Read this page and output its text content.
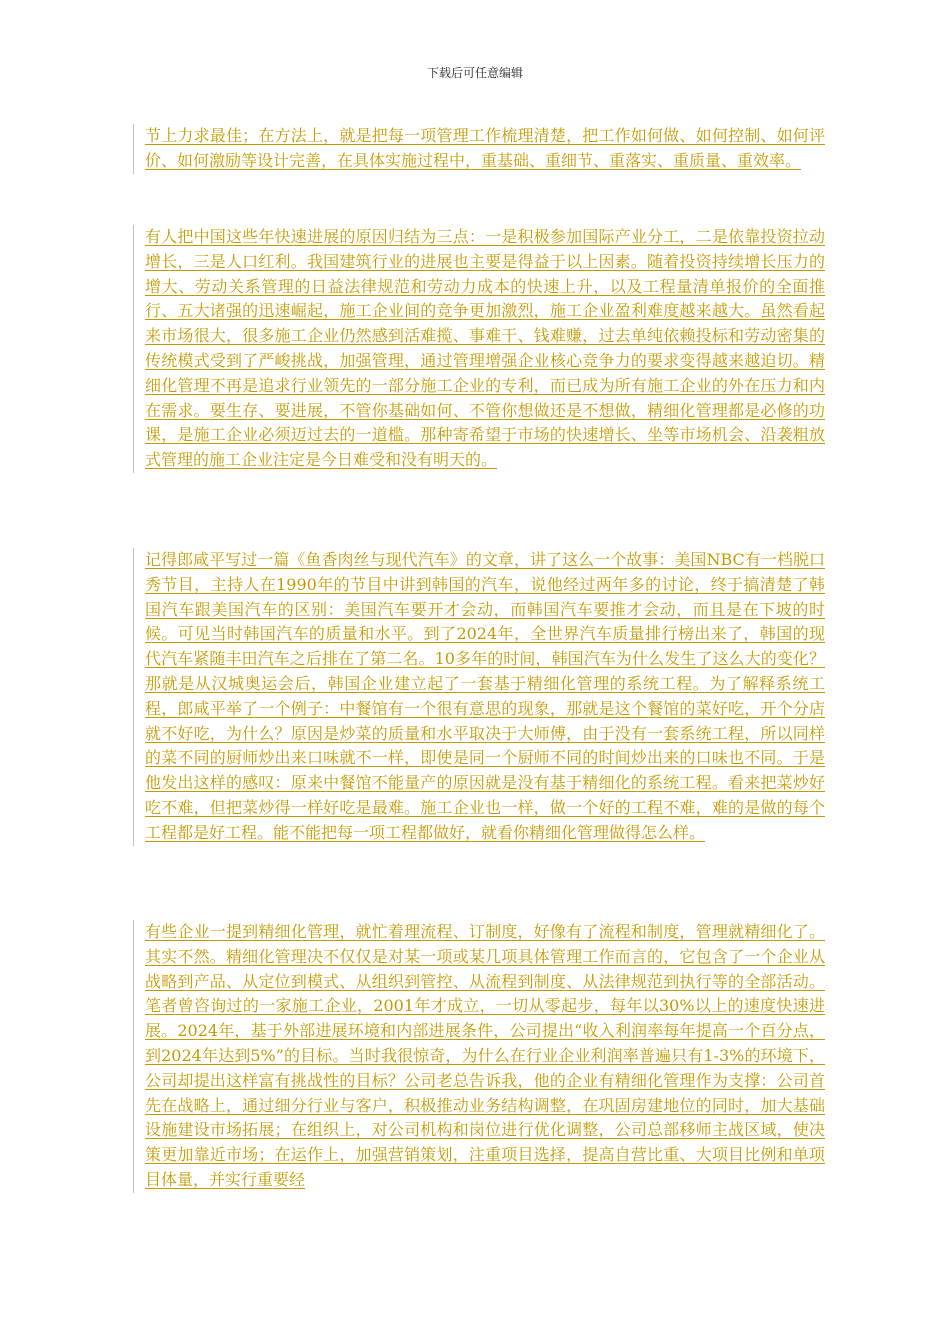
下载后可任意编辑

节上力求最佳；在方法上，就是把每一项管理工作梳理清楚，把工作如何做、如何控制、如何评价、如何激励等设计完善，在具体实施过程中，重基础、重细节、重落实、重质量、重效率。

有人把中国这些年快速进展的原因归结为三点：一是积极参加国际产业分工，二是依靠投资拉动增长，三是人口红利。我国建筑行业的进展也主要是得益于以上因素。随着投资持续增长压力的增大、劳动关系管理的日益法律规范和劳动力成本的快速上升，以及工程量清单报价的全面推行、五大诸强的迅速崛起，施工企业间的竞争更加激烈，施工企业盈利难度越来越大。虽然看起来市场很大，很多施工企业仍然感到活难揽、事难干、钱难赚，过去单纯依赖投标和劳动密集的传统模式受到了严峻挑战，加强管理，通过管理增强企业核心竞争力的要求变得越来越迫切。精细化管理不再是追求行业领先的一部分施工企业的专利，而已成为所有施工企业的外在压力和内在需求。要生存、要进展，不管你基础如何、不管你想做还是不想做，精细化管理都是必修的功课，是施工企业必须迈过去的一道槛。那种寄希望于市场的快速增长、坐等市场机会、沿袭粗放式管理的施工企业注定是今日难受和没有明天的。

记得郎咸平写过一篇《鱼香肉丝与现代汽车》的文章，讲了这么一个故事：美国NBC有一档脱口秀节目，主持人在1990年的节目中讲到韩国的汽车，说他经过两年多的讨论，终于搞清楚了韩国汽车跟美国汽车的区别：美国汽车要开才会动，而韩国汽车要推才会动，而且是在下坡的时候。可见当时韩国汽车的质量和水平。到了2024年，全世界汽车质量排行榜出来了，韩国的现代汽车紧随丰田汽车之后排在了第二名。10多年的时间，韩国汽车为什么发生了这么大的变化？那就是从汉城奥运会后，韩国企业建立起了一套基于精细化管理的系统工程。为了解释系统工程，郎咸平举了一个例子：中餐馆有一个很有意思的现象，那就是这个餐馆的菜好吃，开个分店就不好吃，为什么？原因是炒菜的质量和水平取决于大师傅，由于没有一套系统工程，所以同样的菜不同的厨师炒出来口味就不一样，即使是同一个厨师不同的时间炒出来的口味也不同。于是他发出这样的感叹：原来中餐馆不能量产的原因就是没有基于精细化的系统工程。看来把菜炒好吃不难，但把菜炒得一样好吃是最难。施工企业也一样，做一个好的工程不难，难的是做的每个工程都是好工程。能不能把每一项工程都做好，就看你精细化管理做得怎么样。

有些企业一提到精细化管理，就忙着理流程、订制度，好像有了流程和制度，管理就精细化了。其实不然。精细化管理决不仅仅是对某一项或某几项具体管理工作而言的，它包含了一个企业从战略到产品、从定位到模式、从组织到管控、从流程到制度、从法律规范到执行等的全部活动。笔者曾咨询过的一家施工企业，2001年才成立，一切从零起步，每年以30%以上的速度快速进展。2024年，基于外部进展环境和内部进展条件，公司提出“收入利润率每年提高一个百分点，到2024年达到5%”的目标。当时我很惊奇，为什么在行业企业利润率普遍只有1-3%的环境下，公司却提出这样富有挑战性的目标？公司老总告诉我，他的企业有精细化管理作为支撑：公司首先在战略上，通过细分行业与客户，积极推动业务结构调整，在巩固房建地位的同时，加大基础设施建设市场拓展；在组织上，对公司机构和岗位进行优化调整，公司总部移师主战区域，使决策更加靠近市场；在运作上，加强营销策划，注重项目选择，提高自营比重、大项目比例和单项目体量，并实行重要经
